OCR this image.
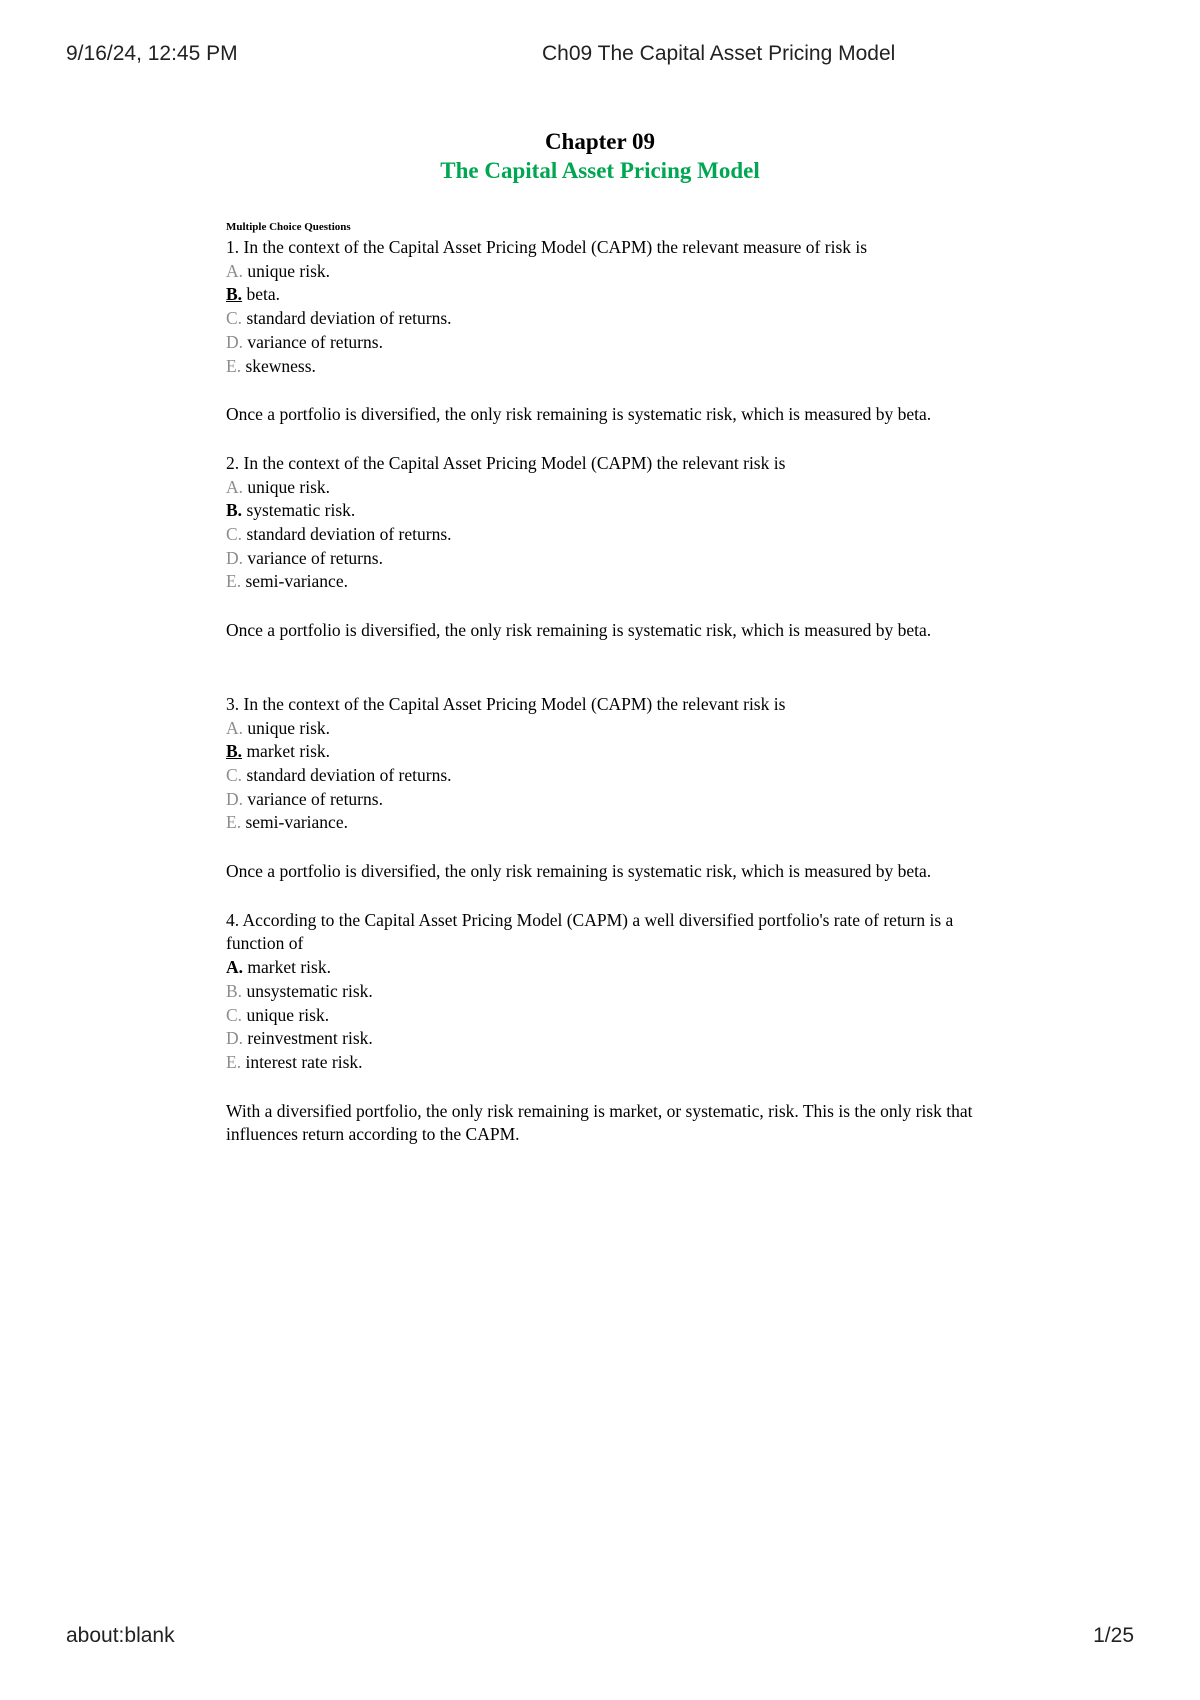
9/16/24, 12:45 PM	Ch09 The Capital Asset Pricing Model
Chapter 09
The Capital Asset Pricing Model
Multiple Choice Questions
1. In the context of the Capital Asset Pricing Model (CAPM) the relevant measure of risk is
A. unique risk.
B. beta.
C. standard deviation of returns.
D. variance of returns.
E. skewness.
Once a portfolio is diversified, the only risk remaining is systematic risk, which is measured by beta.
2. In the context of the Capital Asset Pricing Model (CAPM) the relevant risk is
A. unique risk.
B. systematic risk.
C. standard deviation of returns.
D. variance of returns.
E. semi-variance.
Once a portfolio is diversified, the only risk remaining is systematic risk, which is measured by beta.
3. In the context of the Capital Asset Pricing Model (CAPM) the relevant risk is
A. unique risk.
B. market risk.
C. standard deviation of returns.
D. variance of returns.
E. semi-variance.
Once a portfolio is diversified, the only risk remaining is systematic risk, which is measured by beta.
4. According to the Capital Asset Pricing Model (CAPM) a well diversified portfolio's rate of return is a function of
A. market risk.
B. unsystematic risk.
C. unique risk.
D. reinvestment risk.
E. interest rate risk.
With a diversified portfolio, the only risk remaining is market, or systematic, risk. This is the only risk that influences return according to the CAPM.
about:blank	1/25
